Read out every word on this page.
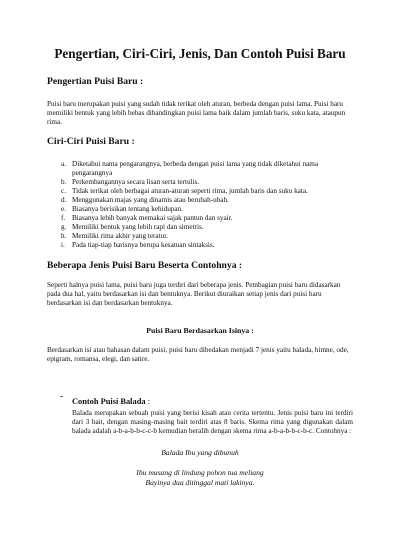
Pengertian, Ciri-Ciri, Jenis, Dan Contoh Puisi Baru
Pengertian Puisi Baru :

Puisi baru merupakan puisi yang sudah tidak terikat oleh aturan, berbeda dengan puisi lama. Puisi baru memiliki bentuk yang lebih bebas dibandingkan puisi lama baik dalam jumlah baris, suku kata, ataupun rima.

Ciri-Ciri Puisi Baru :
a. Diketahui nama pengarangnya, berbeda dengan puisi lama yang tidak diketahui nama pengarangnya
b. Perkembangannya secara lisan serta tertulis.
c. Tidak terikat oleh berbagai aturan-aturan seperti rima, jumlah baris dan suku kata.
d. Menggunakan majas yang dinamis atau berubah-ubah.
e. Biasanya berisikan tentang kehidupan.
f. Biasanya lebih banyak memakai sajak pantun dan syair.
g. Memiliki bentuk yang lebih rapi dan simetris.
h. Memiliki rima akhir yang teratur.
i. Pada tiap-tiap barisnya berupa kesatuan sintaksis.
Beberapa Jenis Puisi Baru Beserta Contohnya :

Seperti halnya puisi lama, puisi baru juga terdiri dari beberapa jenis. Pembagian puisi baru didasarkan pada dua hal, yaitu berdasarkan isi dan bentuknya. Berikut diuraikan setiap jenis dari puisi baru berdasarkan isi dan berdasarkan bentuknya.

Puisi Baru Berdasarkan Isinya :

Berdasarkan isi atau bahasan dalam puisi, puisi baru dibedakan menjadi 7 jenis yaitu balada, himne, ode, epigram, romansa, elegi, dan satire.

-
Contoh Puisi Balada :

Balada merupakan sebuah puisi yang berisi kisah atau cerita tertentu. Jenis puisi baru ini terdiri dari 3 bait, dengan masing-masing bait terdiri atas 8 baris. Skema rima yang digunakan dalam balada adalah a-b-a-b-b-c-c-b kemudian beralih dengan skema rima a-b-a-b-b-c-b-c. Contohnya :

Balada Ibu yang dibunuh

Ibu musang di lindung pohon tua meliang

Bayinya dua ditinggal mati lakinya.
